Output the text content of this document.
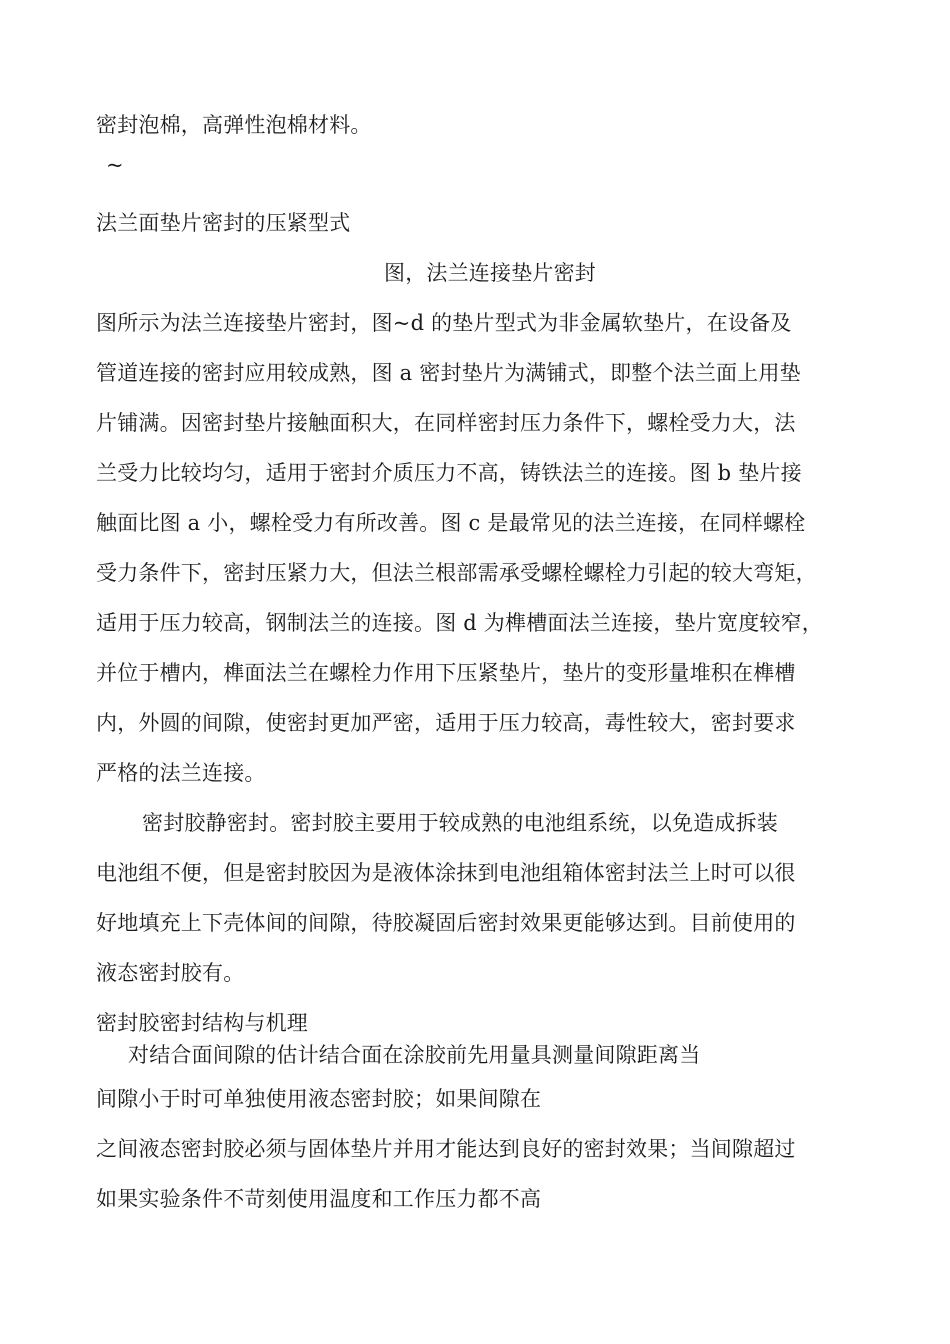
密封泡棉，高弹性泡棉材料。
~
法兰面垫片密封的压紧型式
图，法兰连接垫片密封
图所示为法兰连接垫片密封，图~d 的垫片型式为非金属软垫片，在设备及
管道连接的密封应用较成熟，图 a 密封垫片为满铺式，即整个法兰面上用垫
片铺满。因密封垫片接触面积大，在同样密封压力条件下，螺栓受力大，法
兰受力比较均匀，适用于密封介质压力不高，铸铁法兰的连接。图 b 垫片接
触面比图 a 小，螺栓受力有所改善。图 c 是最常见的法兰连接，在同样螺栓
受力条件下，密封压紧力大，但法兰根部需承受螺栓螺栓力引起的较大弯矩，
适用于压力较高，钢制法兰的连接。图 d 为榫槽面法兰连接，垫片宽度较窄，
并位于槽内，榫面法兰在螺栓力作用下压紧垫片，垫片的变形量堆积在榫槽
内，外圆的间隙，使密封更加严密，适用于压力较高，毒性较大，密封要求
严格的法兰连接。
密封胶静密封。密封胶主要用于较成熟的电池组系统，以免造成拆装
电池组不便，但是密封胶因为是液体涂抹到电池组箱体密封法兰上时可以很
好地填充上下壳体间的间隙，待胶凝固后密封效果更能够达到。目前使用的
液态密封胶有。
密封胶密封结构与机理
对结合面间隙的估计结合面在涂胶前先用量具测量间隙距离当
间隙小于时可单独使用液态密封胶；如果间隙在
之间液态密封胶必须与固体垫片并用才能达到良好的密封效果；当间隙超过
如果实验条件不苛刻使用温度和工作压力都不高
